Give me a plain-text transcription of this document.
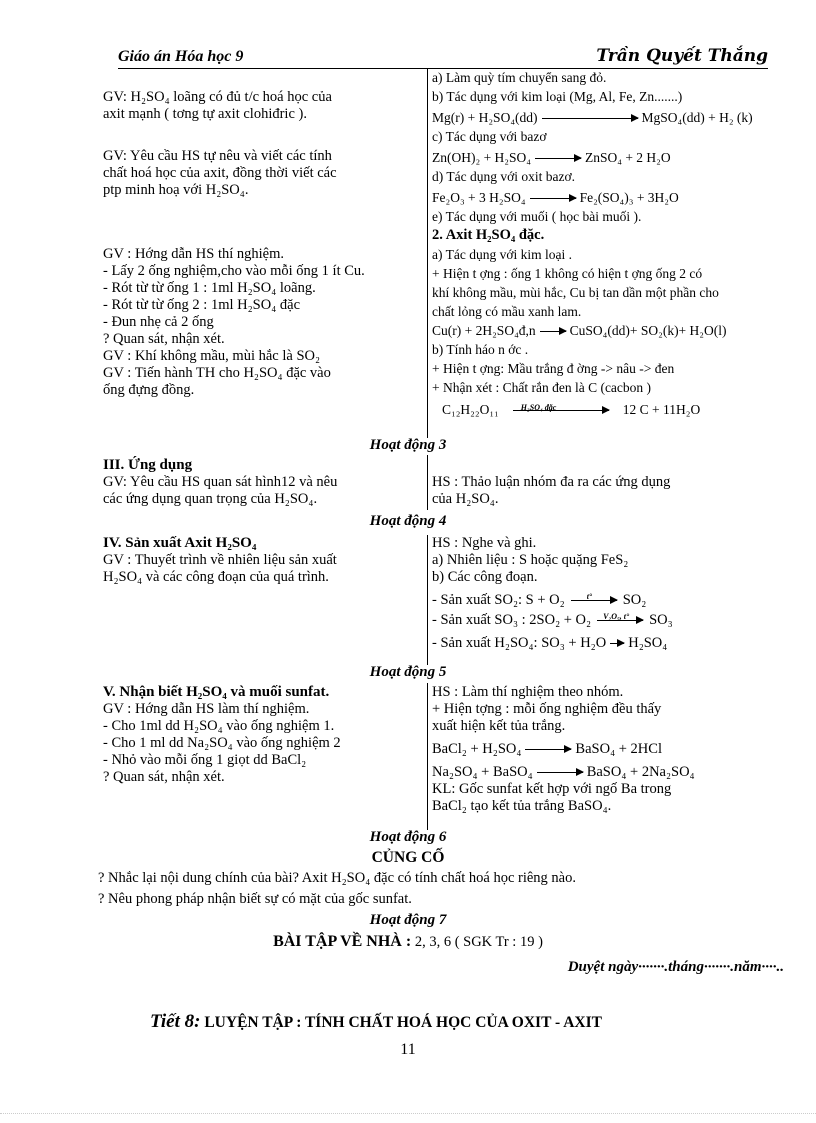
Giáo án Hóa học 9	Trần Quyết Thắng
GV: H₂SO₄ loãng có đủ t/c hoá học của
axit mạnh ( tơng tự axit clohiđric ).
GV: Yêu cầu HS tự nêu và viết các tính
chất hoá học của axit, đồng thời viết các
ptp minh hoạ với H₂SO₄.
GV : Hớng dẫn HS thí nghiệm.
- Lấy 2 ống nghiệm,cho vào mỗi ống 1 ít Cu.
- Rót từ từ ống 1 : 1ml H₂SO₄ loãng.
- Rót từ từ ống 2 : 1ml H₂SO₄ đặc
- Đun nhẹ cả 2 ống
? Quan sát, nhận xét.
GV : Khí không mầu, mùi hắc là SO₂
GV : Tiến hành TH cho H₂SO₄ đặc vào
ống đựng đồng.
a) Làm quỳ tím chuyển sang đỏ.
b) Tác dụng với kim loại (Mg, Al, Fe, Zn.......)
Mg(r) + H₂SO₄(dd)	MgSO₄(dd) + H₂ (k)
c) Tác dụng với bazơ
Zn(OH)₂ + H₂SO₄ → ZnSO₄ + 2 H₂O
d) Tác dụng với oxit bazơ.
Fe₂O₃ + 3 H₂SO₄ → Fe₂(SO₄)₃ + 3H₂O
e) Tác dụng với muối ( học bài muối ).
2. Axit H₂SO₄ đặc.
a) Tác dụng với kim loại .
+ Hiện t ợng : ống 1 không có hiện t ợng ống 2 có
khí không mầu, mùi hắc, Cu bị tan dần một phần cho
chất lỏng có mầu xanh lam.
Cu(r) + 2H₂SO₄đ,n → CuSO₄(dd)+ SO₂(k)+ H₂O(l)
b) Tính háo n ớc .
+ Hiện t ợng: Mầu trắng đ ờng -> nâu -> đen
+ Nhận xét : Chất rắn đen là C (cacbon )
C₁₂H₂₂O₁₁	H₂SO₄ đặc	12 C + 11H₂O
Hoạt động 3
III. Ứng dụng
GV: Yêu cầu HS quan sát hình12 và nêu
các ứng dụng quan trọng của H₂SO₄.
HS : Thảo luận nhóm đa ra các ứng dụng
của H₂SO₄.
Hoạt động 4
IV. Sản xuất Axit H₂SO₄
GV : Thuyết trình về nhiên liệu sản xuất
H₂SO₄ và các công đoạn của quá trình.
HS : Nghe và ghi.
a) Nhiên liệu : S hoặc quặng FeS₂
b) Các công đoạn.
- Sản xuất SO₂: S + O₂	t° SO₂
- Sản xuất SO₃ : 2SO₂ + O₂ V₂O₅, t° SO₃
- Sản xuất H₂SO₄: SO₃ + H₂O H₂SO₄
Hoạt động 5
V. Nhận biết H₂SO₄ và muối sunfat.
GV : Hớng dẫn HS làm thí nghiệm.
- Cho 1ml dd H₂SO₄ vào ống nghiệm 1.
- Cho 1 ml dd Na₂SO₄ vào ống nghiệm 2
- Nhỏ vào mỗi ống 1 giọt dd BaCl₂
? Quan sát, nhận xét.
HS : Làm thí nghiệm theo nhóm.
+ Hiện tợng : mỗi ống nghiệm đều thấy
xuất hiện kết tủa trắng.
BaCl₂ + H₂SO₄ → BaSO₄ + 2HCl
Na₂SO₄ + BaSO₄ → BaSO₄ + 2Na₂SO₄
KL: Gốc sunfat kết hợp với ngố Ba trong
BaCl₂ tạo kết tủa trắng BaSO₄.
Hoạt động 6
CỦNG CỐ
? Nhắc lại nội dung chính của bài? Axit H₂SO₄ đặc có tính chất hoá học riêng nào.
? Nêu phong pháp nhận biết sự có mặt của gốc sunfat.
Hoạt động 7
BÀI TẬP VỀ NHÀ : 2, 3, 6 ( SGK Tr : 19 )
Duyệt ngày·······.tháng·······.năm····..
Tiết 8: LUYỆN TẬP : TÍNH CHẤT HOÁ HỌC CỦA OXIT - AXIT
11
